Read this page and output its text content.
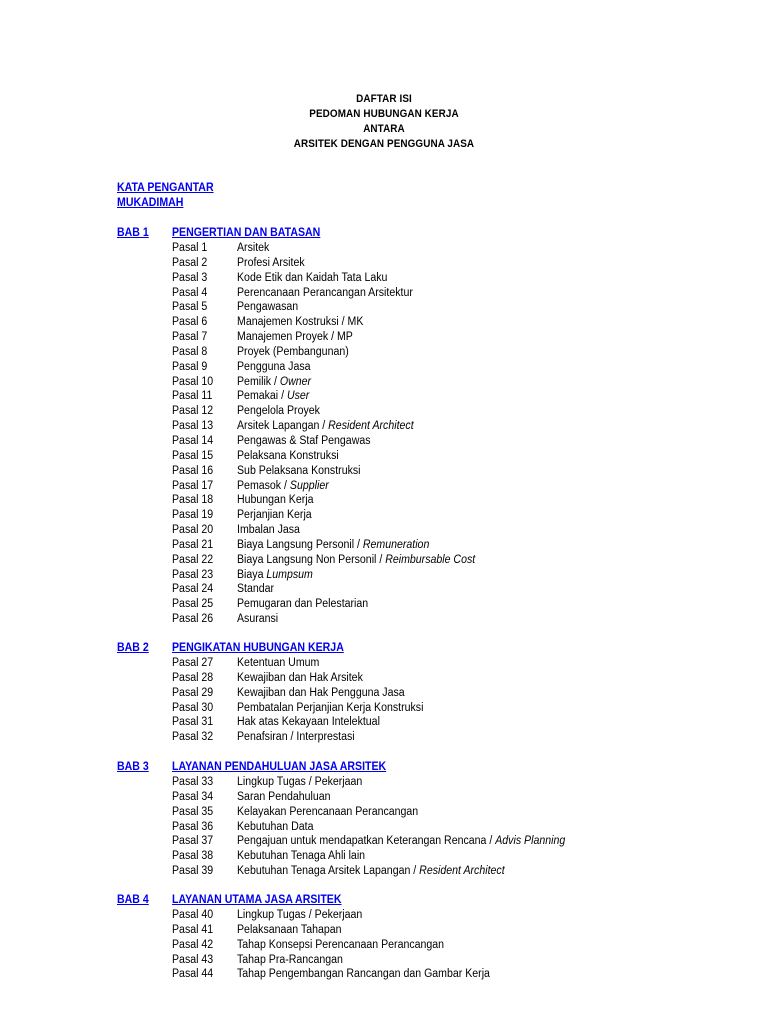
DAFTAR ISI
PEDOMAN HUBUNGAN KERJA
ANTARA
ARSITEK DENGAN PENGGUNA JASA
KATA PENGANTAR
MUKADIMAH
BAB 1 PENGERTIAN DAN BATASAN
Pasal 1	Arsitek
Pasal 2	Profesi Arsitek
Pasal 3	Kode Etik dan Kaidah Tata Laku
Pasal 4	Perencanaan Perancangan Arsitektur
Pasal 5	Pengawasan
Pasal 6	Manajemen Kostruksi / MK
Pasal 7	Manajemen Proyek / MP
Pasal 8	Proyek (Pembangunan)
Pasal 9	Pengguna Jasa
Pasal 10 Pemilik / Owner
Pasal 11 Pemakai / User
Pasal 12 Pengelola Proyek
Pasal 13 Arsitek Lapangan / Resident Architect
Pasal 14 Pengawas & Staf Pengawas
Pasal 15 Pelaksana Konstruksi
Pasal 16 Sub Pelaksana Konstruksi
Pasal 17 Pemasok / Supplier
Pasal 18 Hubungan Kerja
Pasal 19 Perjanjian Kerja
Pasal 20 Imbalan Jasa
Pasal 21 Biaya Langsung Personil / Remuneration
Pasal 22 Biaya Langsung Non Personil / Reimbursable Cost
Pasal 23 Biaya Lumpsum
Pasal 24 Standar
Pasal 25 Pemugaran dan Pelestarian
Pasal 26 Asuransi
BAB 2 PENGIKATAN HUBUNGAN KERJA
Pasal 27 Ketentuan Umum
Pasal 28 Kewajiban dan Hak Arsitek
Pasal 29 Kewajiban dan Hak Pengguna Jasa
Pasal 30 Pembatalan Perjanjian Kerja Konstruksi
Pasal 31 Hak atas Kekayaan Intelektual
Pasal 32 Penafsiran / Interprestasi
BAB 3 LAYANAN PENDAHULUAN JASA ARSITEK
Pasal 33 Lingkup Tugas / Pekerjaan
Pasal 34 Saran Pendahuluan
Pasal 35 Kelayakan Perencanaan Perancangan
Pasal 36 Kebutuhan Data
Pasal 37 Pengajuan untuk mendapatkan Keterangan Rencana / Advis Planning
Pasal 38 Kebutuhan Tenaga Ahli lain
Pasal 39 Kebutuhan Tenaga Arsitek Lapangan / Resident Architect
BAB 4 LAYANAN UTAMA JASA ARSITEK
Pasal 40 Lingkup Tugas / Pekerjaan
Pasal 41 Pelaksanaan Tahapan
Pasal 42 Tahap Konsepsi Perencanaan Perancangan
Pasal 43 Tahap Pra-Rancangan
Pasal 44 Tahap Pengembangan Rancangan dan Gambar Kerja
